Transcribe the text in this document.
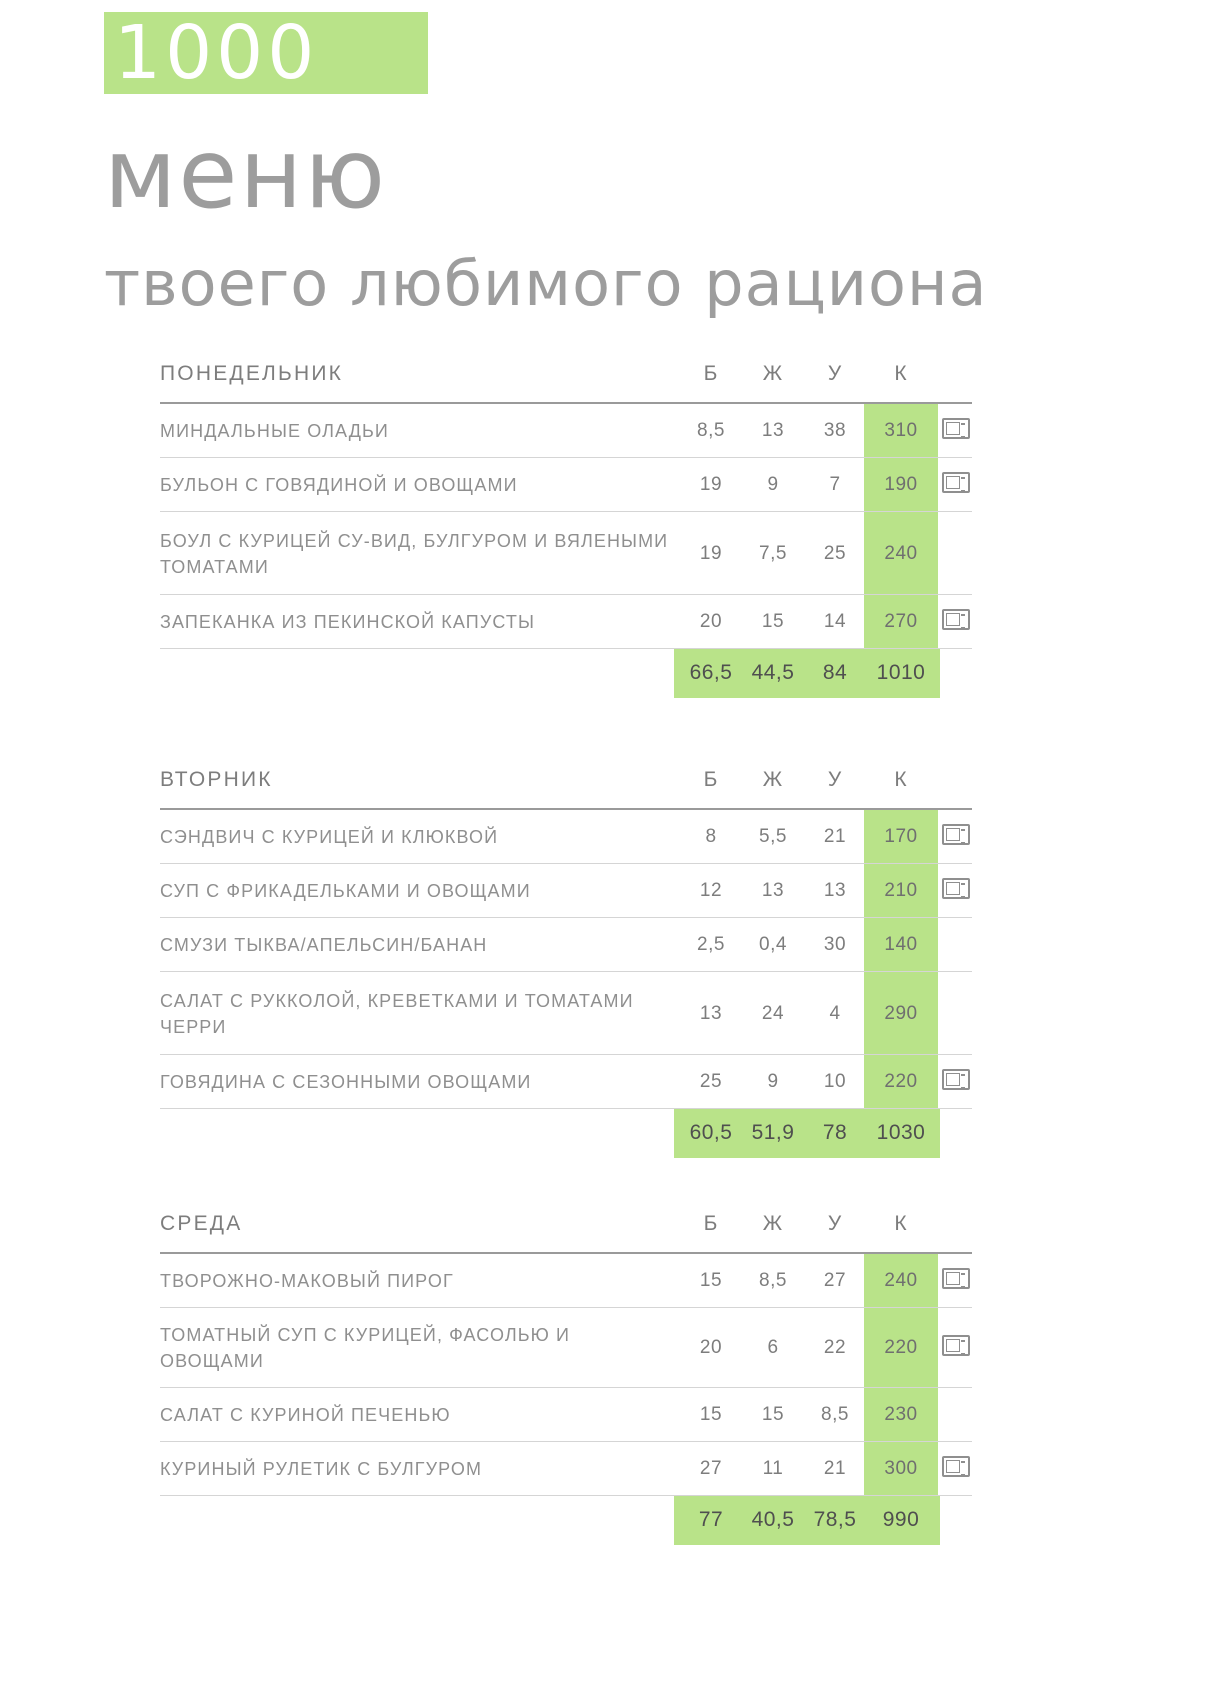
1000
меню
твоего любимого рациона
ПОНЕДЕЛЬНИК	Б	Ж	У	К	
МИНДАЛЬНЫЕ ОЛАДЬИ	8,5	13	38	310	
БУЛЬОН С ГОВЯДИНОЙ И ОВОЩАМИ	19	9	7	190	
БОУЛ С КУРИЦЕЙ СУ-ВИД, БУЛГУРОМ И ВЯЛЕНЫМИ ТОМАТАМИ	19	7,5	25	240	
ЗАПЕКАНКА ИЗ ПЕКИНСКОЙ КАПУСТЫ	20	15	14	270	
	66,5	44,5	84	1010	
ВТОРНИК	Б	Ж	У	К	
СЭНДВИЧ С КУРИЦЕЙ И КЛЮКВОЙ	8	5,5	21	170	
СУП С ФРИКАДЕЛЬКАМИ И ОВОЩАМИ	12	13	13	210	
СМУЗИ ТЫКВА/АПЕЛЬСИН/БАНАН	2,5	0,4	30	140	
САЛАТ С РУККОЛОЙ, КРЕВЕТКАМИ И ТОМАТАМИ ЧЕРРИ	13	24	4	290	
ГОВЯДИНА С СЕЗОННЫМИ ОВОЩАМИ	25	9	10	220	
	60,5	51,9	78	1030	
СРЕДА	Б	Ж	У	К	
ТВОРОЖНО-МАКОВЫЙ ПИРОГ	15	8,5	27	240	
ТОМАТНЫЙ СУП С КУРИЦЕЙ, ФАСОЛЬЮ И ОВОЩАМИ	20	6	22	220	
САЛАТ С КУРИНОЙ ПЕЧЕНЬЮ	15	15	8,5	230	
КУРИНЫЙ РУЛЕТИК С БУЛГУРОМ	27	11	21	300	
	77	40,5	78,5	990	
